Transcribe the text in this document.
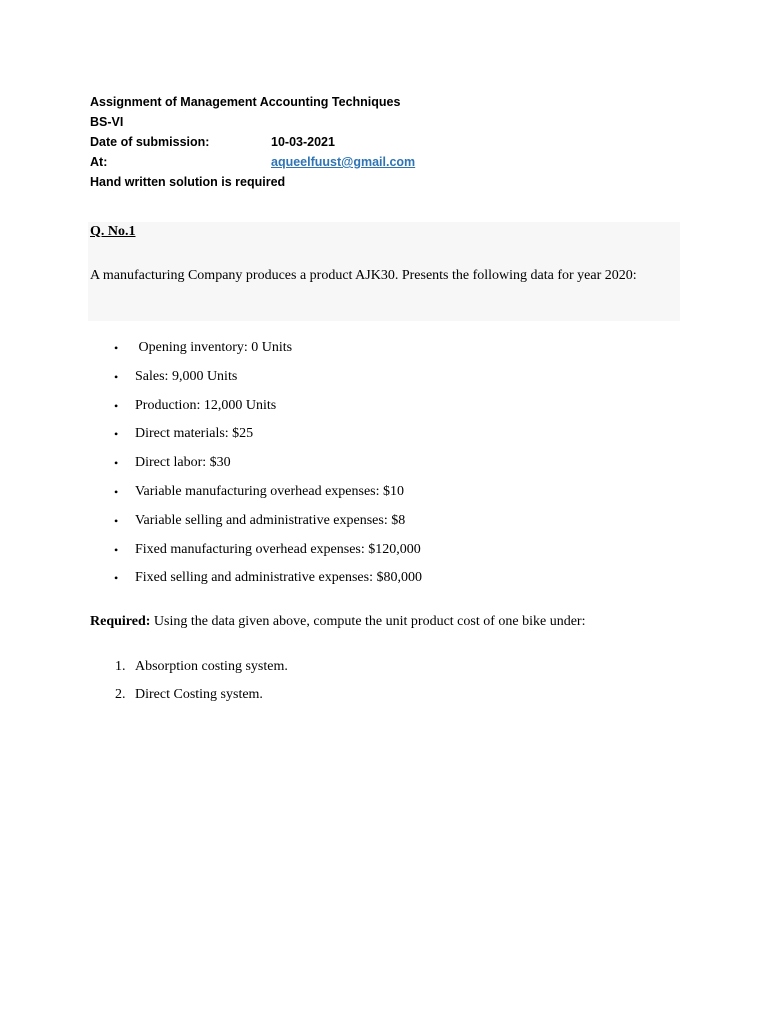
Assignment of Management Accounting Techniques
BS-VI
Date of submission:	10-03-2021
At:	aqueelfuust@gmail.com
Hand written solution is required
Q. No.1
A manufacturing Company produces a product AJK30. Presents the following data for year 2020:
• Opening inventory: 0 Units
• Sales: 9,000 Units
• Production: 12,000 Units
• Direct materials: $25
• Direct labor: $30
• Variable manufacturing overhead expenses: $10
• Variable selling and administrative expenses: $8
• Fixed manufacturing overhead expenses: $120,000
• Fixed selling and administrative expenses: $80,000
Required: Using the data given above, compute the unit product cost of one bike under:
1. Absorption costing system.
2. Direct Costing system.
